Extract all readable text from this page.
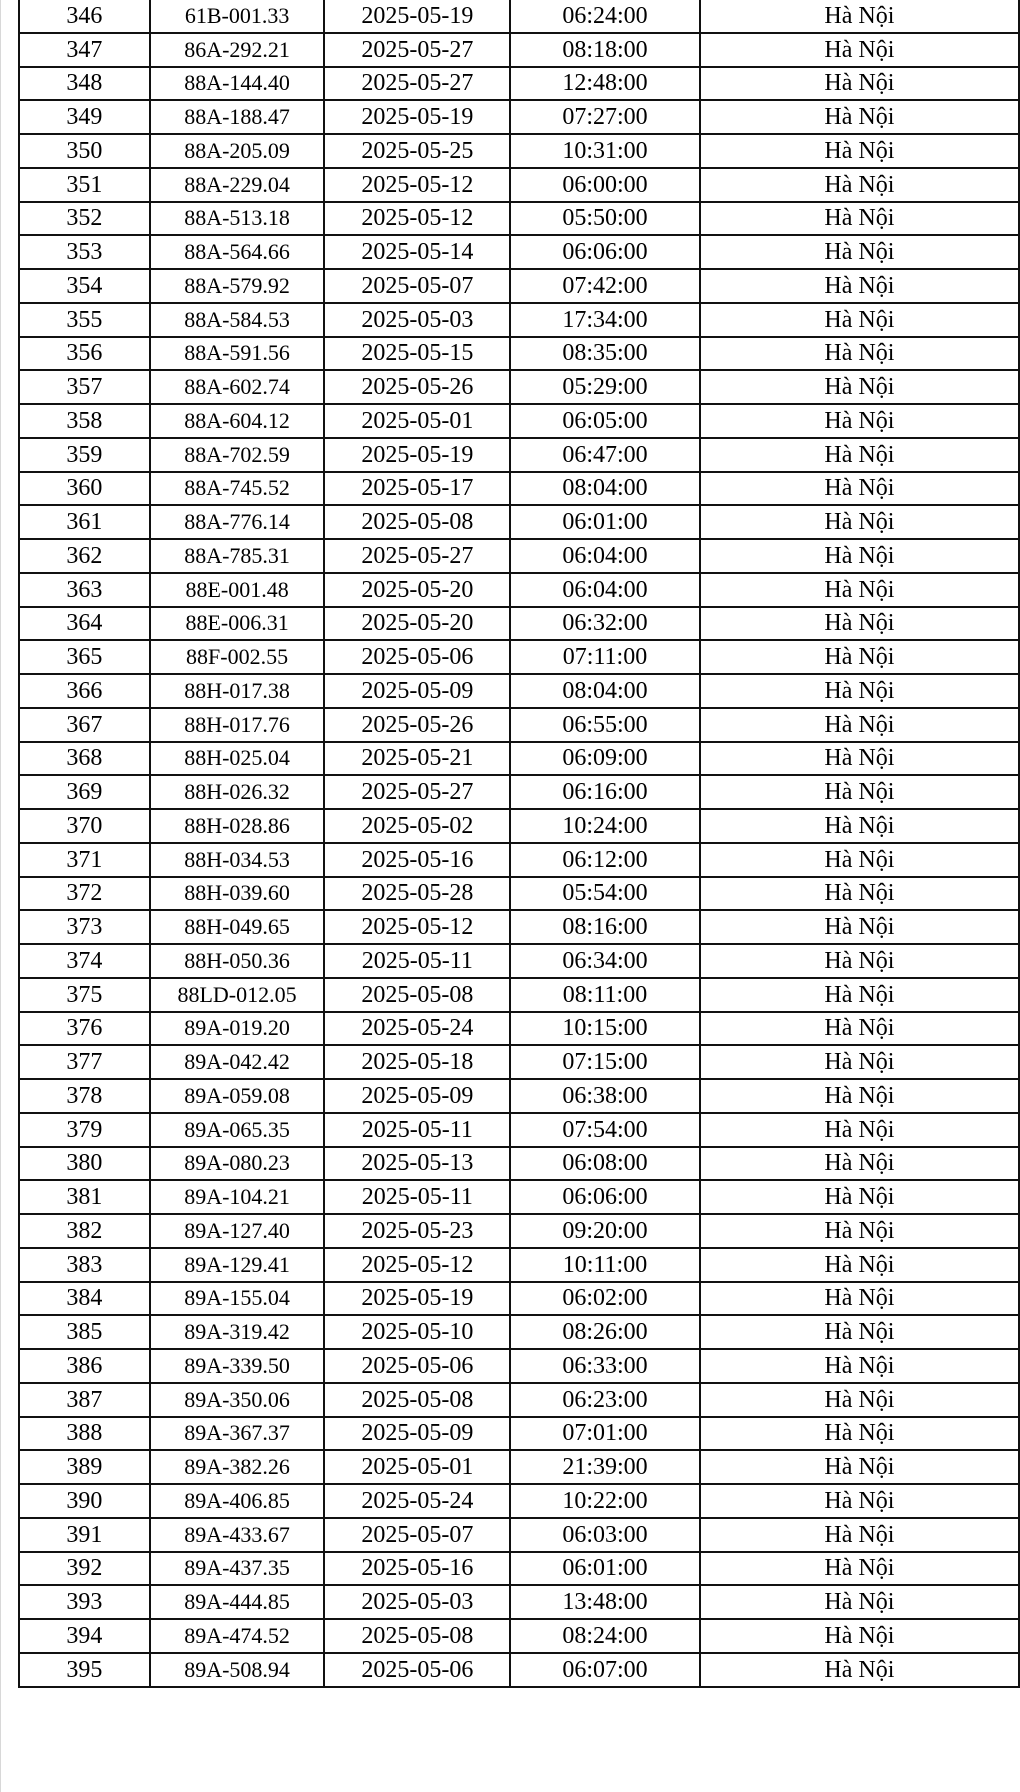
346	61B-001.33	2025-05-19	06:24:00	Hà Nội
347	86A-292.21	2025-05-27	08:18:00	Hà Nội
348	88A-144.40	2025-05-27	12:48:00	Hà Nội
349	88A-188.47	2025-05-19	07:27:00	Hà Nội
350	88A-205.09	2025-05-25	10:31:00	Hà Nội
351	88A-229.04	2025-05-12	06:00:00	Hà Nội
352	88A-513.18	2025-05-12	05:50:00	Hà Nội
353	88A-564.66	2025-05-14	06:06:00	Hà Nội
354	88A-579.92	2025-05-07	07:42:00	Hà Nội
355	88A-584.53	2025-05-03	17:34:00	Hà Nội
356	88A-591.56	2025-05-15	08:35:00	Hà Nội
357	88A-602.74	2025-05-26	05:29:00	Hà Nội
358	88A-604.12	2025-05-01	06:05:00	Hà Nội
359	88A-702.59	2025-05-19	06:47:00	Hà Nội
360	88A-745.52	2025-05-17	08:04:00	Hà Nội
361	88A-776.14	2025-05-08	06:01:00	Hà Nội
362	88A-785.31	2025-05-27	06:04:00	Hà Nội
363	88E-001.48	2025-05-20	06:04:00	Hà Nội
364	88E-006.31	2025-05-20	06:32:00	Hà Nội
365	88F-002.55	2025-05-06	07:11:00	Hà Nội
366	88H-017.38	2025-05-09	08:04:00	Hà Nội
367	88H-017.76	2025-05-26	06:55:00	Hà Nội
368	88H-025.04	2025-05-21	06:09:00	Hà Nội
369	88H-026.32	2025-05-27	06:16:00	Hà Nội
370	88H-028.86	2025-05-02	10:24:00	Hà Nội
371	88H-034.53	2025-05-16	06:12:00	Hà Nội
372	88H-039.60	2025-05-28	05:54:00	Hà Nội
373	88H-049.65	2025-05-12	08:16:00	Hà Nội
374	88H-050.36	2025-05-11	06:34:00	Hà Nội
375	88LD-012.05	2025-05-08	08:11:00	Hà Nội
376	89A-019.20	2025-05-24	10:15:00	Hà Nội
377	89A-042.42	2025-05-18	07:15:00	Hà Nội
378	89A-059.08	2025-05-09	06:38:00	Hà Nội
379	89A-065.35	2025-05-11	07:54:00	Hà Nội
380	89A-080.23	2025-05-13	06:08:00	Hà Nội
381	89A-104.21	2025-05-11	06:06:00	Hà Nội
382	89A-127.40	2025-05-23	09:20:00	Hà Nội
383	89A-129.41	2025-05-12	10:11:00	Hà Nội
384	89A-155.04	2025-05-19	06:02:00	Hà Nội
385	89A-319.42	2025-05-10	08:26:00	Hà Nội
386	89A-339.50	2025-05-06	06:33:00	Hà Nội
387	89A-350.06	2025-05-08	06:23:00	Hà Nội
388	89A-367.37	2025-05-09	07:01:00	Hà Nội
389	89A-382.26	2025-05-01	21:39:00	Hà Nội
390	89A-406.85	2025-05-24	10:22:00	Hà Nội
391	89A-433.67	2025-05-07	06:03:00	Hà Nội
392	89A-437.35	2025-05-16	06:01:00	Hà Nội
393	89A-444.85	2025-05-03	13:48:00	Hà Nội
394	89A-474.52	2025-05-08	08:24:00	Hà Nội
395	89A-508.94	2025-05-06	06:07:00	Hà Nội
